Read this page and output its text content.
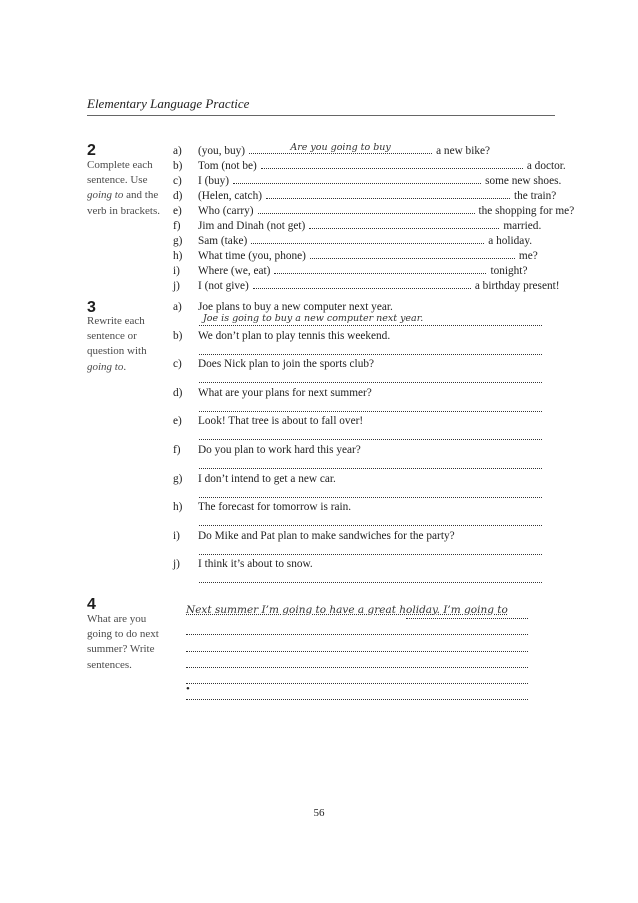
Elementary Language Practice
2
Complete each
sentence. Use
going to and the
verb in brackets.
a) (you, buy)	Are you going to buy	a new bike?
b) Tom (not be)	a doctor.
c) I (buy)	some new shoes.
d) (Helen, catch)	the train?
e) Who (carry)	the shopping for me?
f) Jim and Dinah (not get)	married.
g) Sam (take)	a holiday.
h) What time (you, phone)	me?
i) Where (we, eat)	tonight?
j) I (not give)	a birthday present!
3
Rewrite each
sentence or
question with
going to.
a) Joe plans to buy a new computer next year.
Joe is going to buy a new computer next year.
b) We don’t plan to play tennis this weekend.
c) Does Nick plan to join the sports club?
d) What are your plans for next summer?
e) Look! That tree is about to fall over!
f) Do you plan to work hard this year?
g) I don’t intend to get a new car.
h) The forecast for tomorrow is rain.
i) Do Mike and Pat plan to make sandwiches for the party?
j) I think it’s about to snow.
4
What are you
going to do next
summer? Write
sentences.
Next summer I’m going to have a great holiday. I’m going to
•
56
